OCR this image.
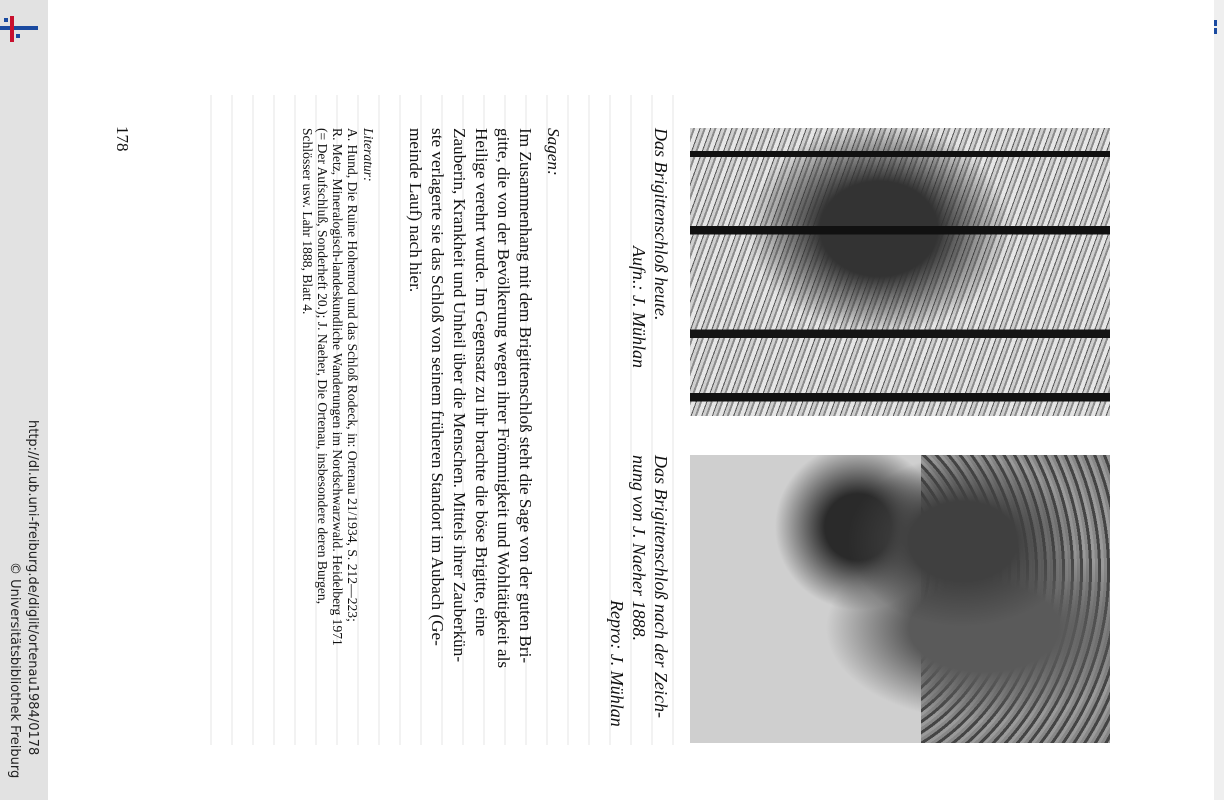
http://dl.ub.uni-freiburg.de/diglit/ortenau1984/0178
© Universitätsbibliothek Freiburg
Das Brigittenschloß heute.
Aufn.: J. Mühlan
Das Brigittenschloß nach der Zeich-
nung von J. Naeher 1888.
Repro: J. Mühlan
Sagen:
Im Zusammenhang mit dem Brigittenschloß steht die Sage von der guten Bri-
gitte, die von der Bevölkerung wegen ihrer Frömmigkeit und Wohltätigkeit als
Heilige verehrt wurde. Im Gegensatz zu ihr brachte die böse Brigitte, eine
Zauberin, Krankheit und Unheil über die Menschen. Mittels ihrer Zauberkün-
ste verlagerte sie das Schloß von seinem früheren Standort im Aubach (Ge-
meinde Lauf) nach hier.
Literatur:
A. Hund, Die Ruine Hohenrod und das Schloß Rodeck, in: Ortenau 21/1934, S. 212—223;
R. Metz, Mineralogisch-landeskundliche Wanderungen im Nordschwarzwald. Heidelberg 1971
(= Der Aufschluß, Sonderheft 20.); J. Naeher, Die Ortenau, insbesondere deren Burgen,
Schlösser usw. Lahr 1888, Blatt 4.
178
